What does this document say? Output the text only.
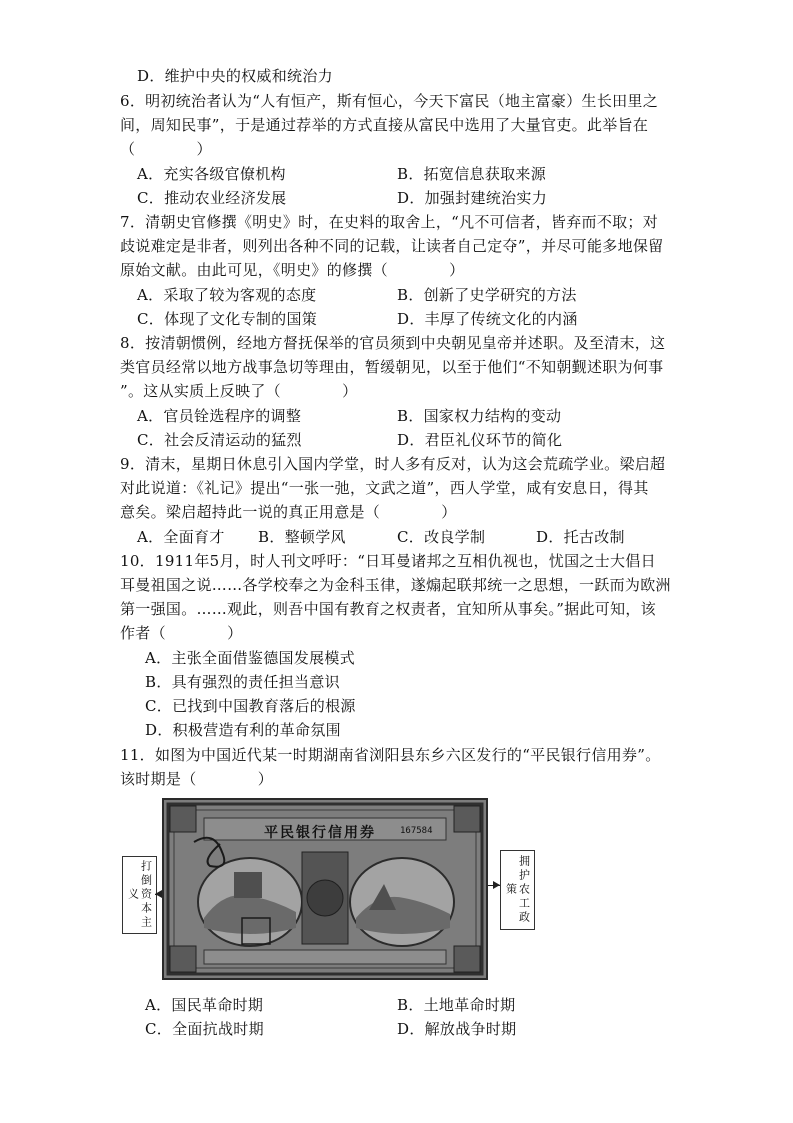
D．维护中央的权威和统治力
6．明初统治者认为“人有恒产，斯有恒心，今天下富民（地主富豪）生长田里之
间，周知民事”，于是通过荐举的方式直接从富民中选用了大量官吏。此举旨在
（　　　　）
A．充实各级官僚机构	B．拓宽信息获取来源
C．推动农业经济发展	D．加强封建统治实力
7．清朝史官修撰《明史》时，在史料的取舍上，“凡不可信者，皆弃而不取；对
歧说难定是非者，则列出各种不同的记载，让读者自己定夺”，并尽可能多地保留
原始文献。由此可见，《明史》的修撰（　　　　）
A．采取了较为客观的态度	B．创新了史学研究的方法
C．体现了文化专制的国策	D．丰厚了传统文化的内涵
8．按清朝惯例，经地方督抚保举的官员须到中央朝见皇帝并述职。及至清末，这
类官员经常以地方战事急切等理由，暂缓朝见，以至于他们“不知朝觐述职为何事
”。这从实质上反映了（　　　　）
A．官员铨选程序的调整	B．国家权力结构的变动
C．社会反清运动的猛烈	D．君臣礼仪环节的简化
9．清末，星期日休息引入国内学堂，时人多有反对，认为这会荒疏学业。梁启超
对此说道：《礼记》提出“一张一弛，文武之道”，西人学堂，咸有安息日，得其
意矣。梁启超持此一说的真正用意是（　　　　）
A．全面育才 B．整顿学风	C．改良学制	D．托古改制
10．1911年5月，时人刊文呼吁：“日耳曼诸邦之互相仇视也，忧国之士大倡日
耳曼祖国之说……各学校奉之为金科玉律，遂煽起联邦统一之思想，一跃而为欧洲
第一强国。……观此，则吾中国有教育之权责者，宜知所从事矣。”据此可知，该
作者（　　　　）
A．主张全面借鉴德国发展模式
B．具有强烈的责任担当意识
C．已找到中国教育落后的根源
D．积极营造有利的革命氛围
11．如图为中国近代某一时期湖南省浏阳县东乡六区发行的“平民银行信用券”。
该时期是（　　　　）
打倒资本主义	拥护农工政策
平民银行信用券	167584
A．国民革命时期	B．土地革命时期
C．全面抗战时期	D．解放战争时期
